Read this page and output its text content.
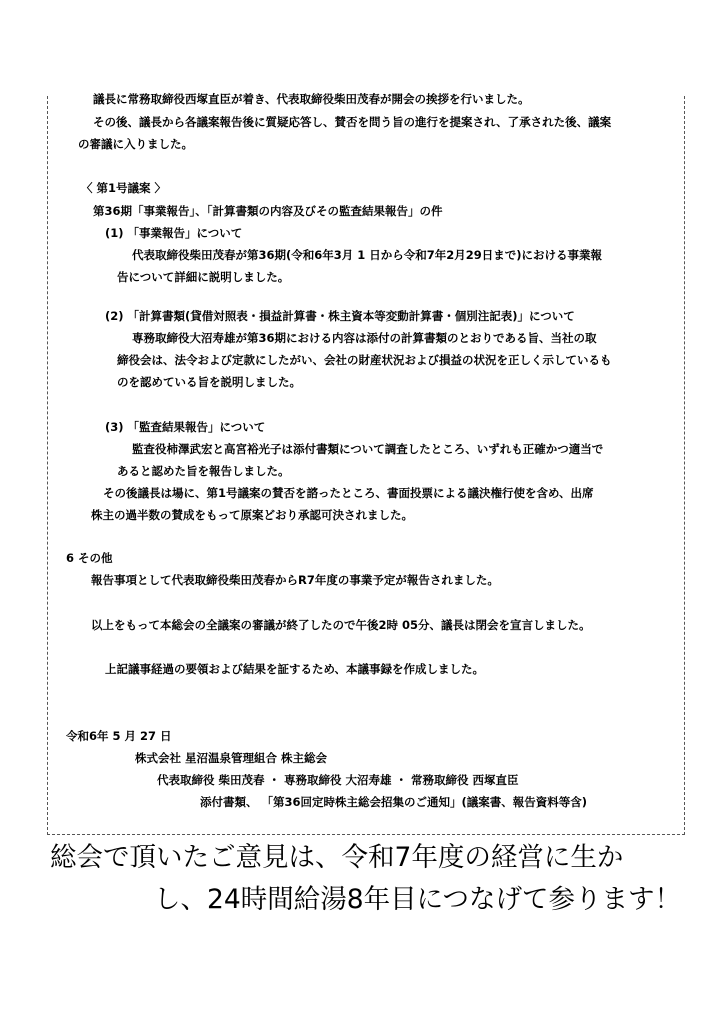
議長に常務取締役西塚直臣が着き、代表取締役柴田茂春が開会の挨拶を行いました。
その後、議長から各議案報告後に質疑応答し、賛否を問う旨の進行を提案され、了承された後、議案
の審議に入りました。
〈 第1号議案 〉
第36期「事業報告」、「計算書類の内容及びその監査結果報告」の件
(1) 「事業報告」について
代表取締役柴田茂春が第36期(令和6年3月 1 日から令和7年2月29日まで)における事業報
告について詳細に説明しました。
(2) 「計算書類(貸借対照表・損益計算書・株主資本等変動計算書・個別注記表)」について
専務取締役大沼寿雄が第36期における内容は添付の計算書類のとおりである旨、当社の取
締役会は、法令および定款にしたがい、会社の財産状況および損益の状況を正しく示しているも
のを認めている旨を説明しました。
(3) 「監査結果報告」について
監査役柿澤武宏と高宮裕光子は添付書類について調査したところ、いずれも正確かつ適当で
あると認めた旨を報告しました。
その後議長は場に、第1号議案の賛否を諮ったところ、書面投票による議決権行使を含め、出席
株主の過半数の賛成をもって原案どおり承認可決されました。
6 その他
報告事項として代表取締役柴田茂春からR7年度の事業予定が報告されました。
以上をもって本総会の全議案の審議が終了したので午後2時 05分、議長は閉会を宣言しました。
上記議事経過の要領および結果を証するため、本議事録を作成しました。
令和6年 5 月 27 日
株式会社 星沼温泉管理組合 株主総会
代表取締役 柴田茂春 ・ 専務取締役 大沼寿雄 ・ 常務取締役 西塚直臣
添付書類、 「第36回定時株主総会招集のご通知」(議案書、報告資料等含)
総会で頂いたご意見は、令和7年度の経営に生か
し、24時間給湯8年目につなげて参ります！
